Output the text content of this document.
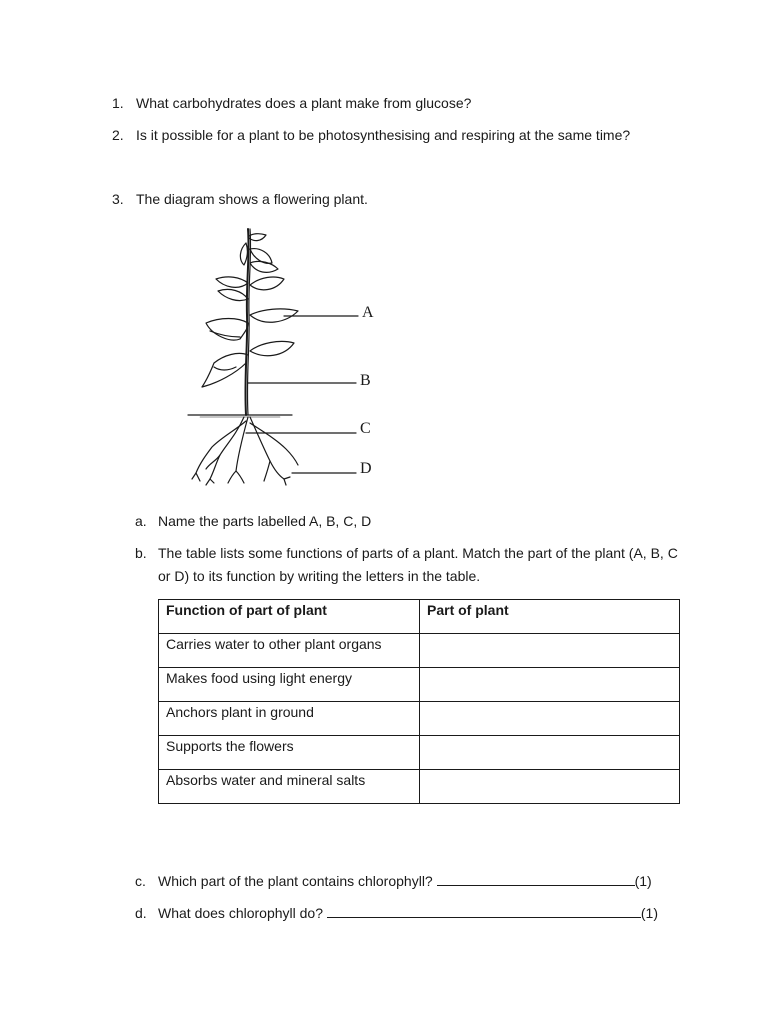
1. What carbohydrates does a plant make from glucose?
2. Is it possible for a plant to be photosynthesising and respiring at the same time?
3. The diagram shows a flowering plant.
A
B
C
D
a. Name the parts labelled A, B, C, D
b. The table lists some functions of parts of a plant. Match the part of the plant (A, B, C or D) to its function by writing the letters in the table.
Function of part of plant	Part of plant
Carries water to other plant organs	
Makes food using light energy	
Anchors plant in ground	
Supports the flowers	
Absorbs water and mineral salts	
c. Which part of the plant contains chlorophyll?	(1)
d. What does chlorophyll do?	(1)
